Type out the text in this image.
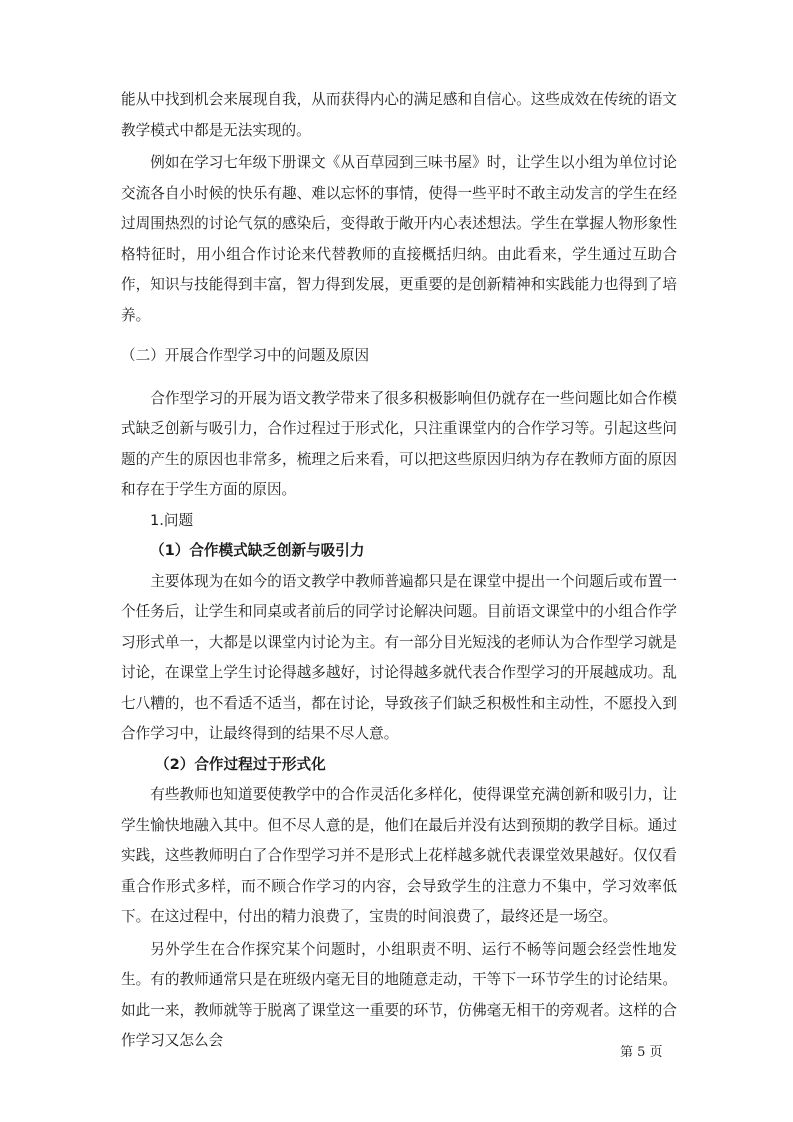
能从中找到机会来展现自我，从而获得内心的满足感和自信心。这些成效在传统的语文教学模式中都是无法实现的。

例如在学习七年级下册课文《从百草园到三味书屋》时，让学生以小组为单位讨论交流各自小时候的快乐有趣、难以忘怀的事情，使得一些平时不敢主动发言的学生在经过周围热烈的讨论气氛的感染后，变得敢于敞开内心表述想法。学生在掌握人物形象性格特征时，用小组合作讨论来代替教师的直接概括归纳。由此看来，学生通过互助合作，知识与技能得到丰富，智力得到发展，更重要的是创新精神和实践能力也得到了培养。

（二）开展合作型学习中的问题及原因

合作型学习的开展为语文教学带来了很多积极影响但仍就存在一些问题比如合作模式缺乏创新与吸引力，合作过程过于形式化，只注重课堂内的合作学习等。引起这些问题的产生的原因也非常多，梳理之后来看，可以把这些原因归纳为存在教师方面的原因和存在于学生方面的原因。

1.问题

（1）合作模式缺乏创新与吸引力

主要体现为在如今的语文教学中教师普遍都只是在课堂中提出一个问题后或布置一个任务后，让学生和同桌或者前后的同学讨论解决问题。目前语文课堂中的小组合作学习形式单一，大都是以课堂内讨论为主。有一部分目光短浅的老师认为合作型学习就是讨论，在课堂上学生讨论得越多越好，讨论得越多就代表合作型学习的开展越成功。乱七八糟的，也不看适不适当，都在讨论，导致孩子们缺乏积极性和主动性，不愿投入到合作学习中，让最终得到的结果不尽人意。

（2）合作过程过于形式化

有些教师也知道要使教学中的合作灵活化多样化，使得课堂充满创新和吸引力，让学生愉快地融入其中。但不尽人意的是，他们在最后并没有达到预期的教学目标。通过实践，这些教师明白了合作型学习并不是形式上花样越多就代表课堂效果越好。仅仅看重合作形式多样，而不顾合作学习的内容，会导致学生的注意力不集中，学习效率低下。在这过程中，付出的精力浪费了，宝贵的时间浪费了，最终还是一场空。

另外学生在合作探究某个问题时，小组职责不明、运行不畅等问题会经尝性地发生。有的教师通常只是在班级内毫无目的地随意走动，干等下一环节学生的讨论结果。如此一来，教师就等于脱离了课堂这一重要的环节，仿佛毫无相干的旁观者。这样的合作学习又怎么会

第 5 页
